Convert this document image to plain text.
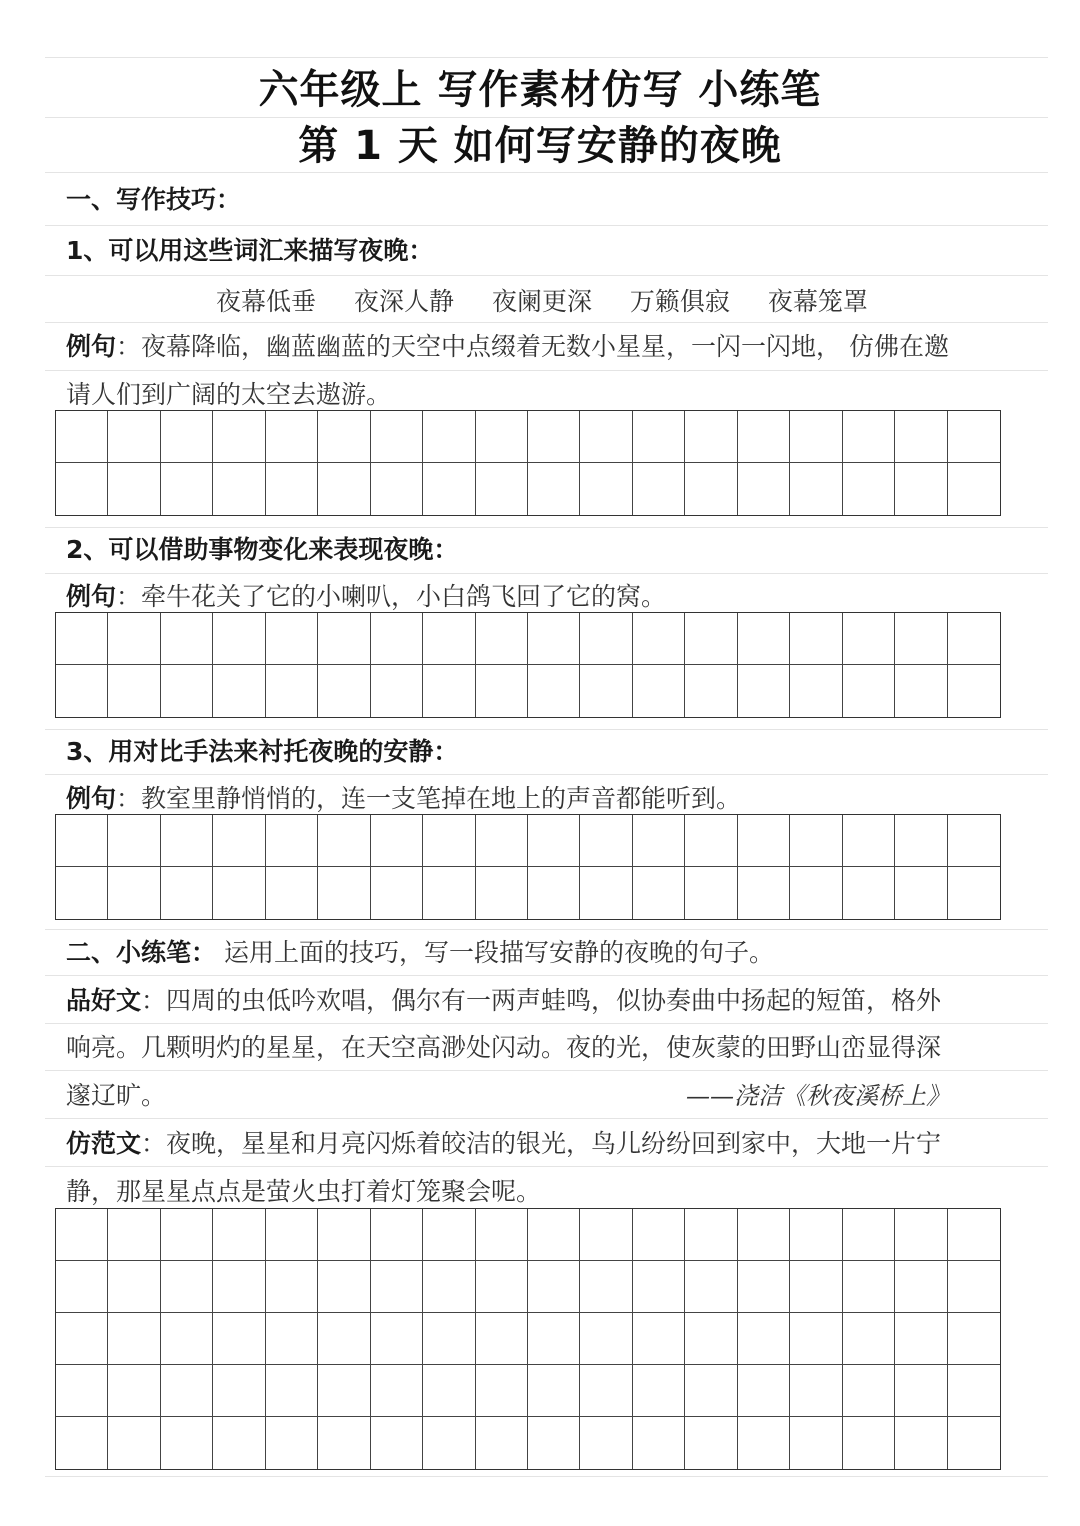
六年级上 写作素材仿写 小练笔
第 1 天 如何写安静的夜晚
一、写作技巧：
1、可以用这些词汇来描写夜晚：
夜幕低垂 夜深人静 夜阑更深 万籁俱寂 夜幕笼罩
例句：夜幕降临，幽蓝幽蓝的天空中点缀着无数小星星，一闪一闪地， 仿佛在邀
请人们到广阔的太空去遨游。
2、可以借助事物变化来表现夜晚：
例句：牵牛花关了它的小喇叭，小白鸽飞回了它的窝。
3、用对比手法来衬托夜晚的安静：
例句：教室里静悄悄的，连一支笔掉在地上的声音都能听到。
二、小练笔： 运用上面的技巧，写一段描写安静的夜晚的句子。
品好文：四周的虫低吟欢唱，偶尔有一两声蛙鸣，似协奏曲中扬起的短笛，格外
响亮。几颗明灼的星星，在天空高渺处闪动。夜的光，使灰蒙的田野山峦显得深
邃辽旷。	——浇洁《秋夜溪桥上》
仿范文：夜晚，星星和月亮闪烁着皎洁的银光，鸟儿纷纷回到家中，大地一片宁
静，那星星点点是萤火虫打着灯笼聚会呢。
